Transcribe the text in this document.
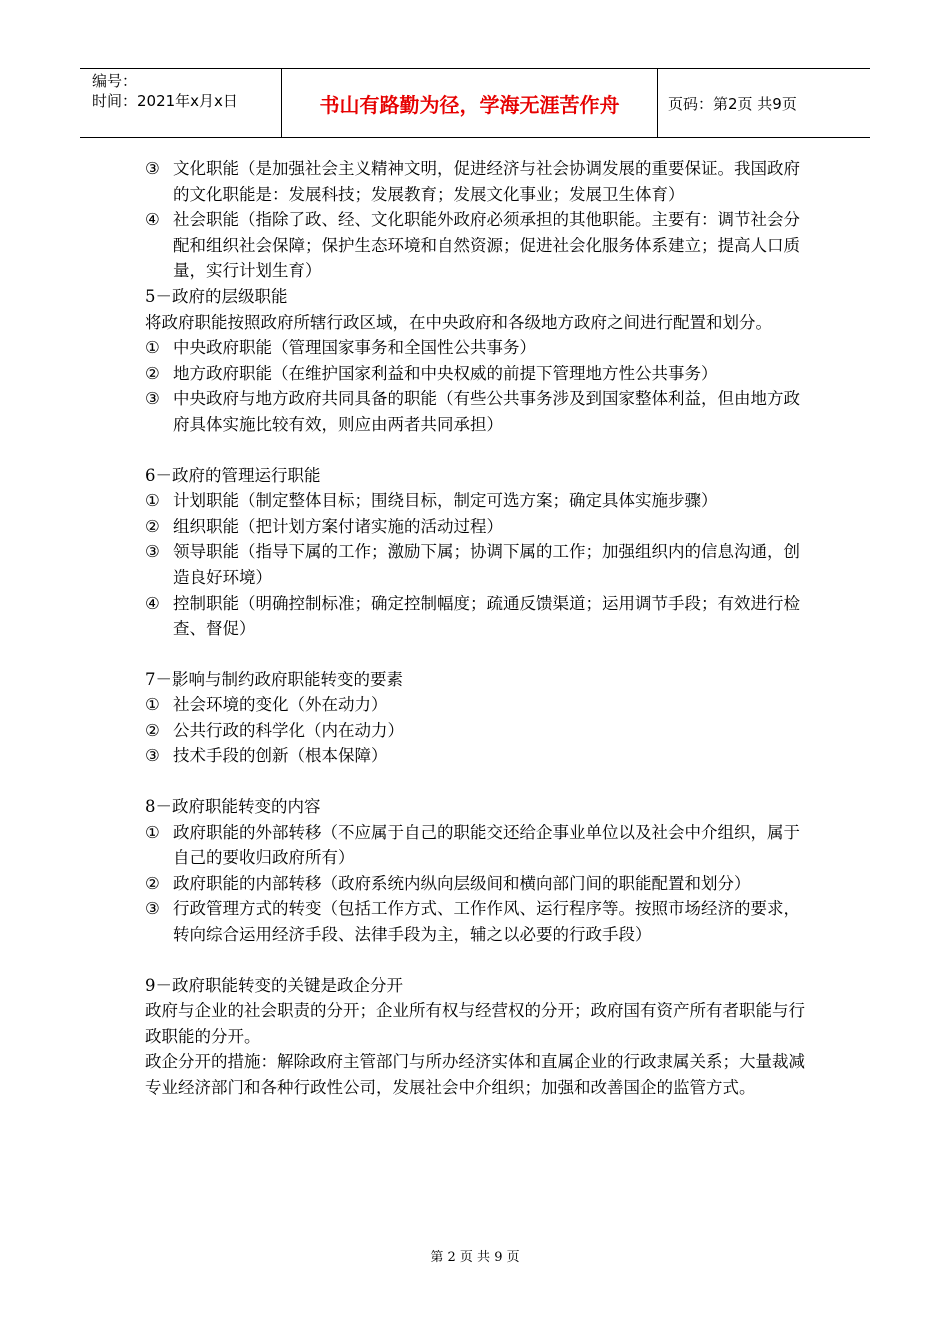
编号：
时间：2021年x月x日	书山有路勤为径，学海无涯苦作舟	页码：第2页 共9页
③ 文化职能（是加强社会主义精神文明，促进经济与社会协调发展的重要保证。我国政府的文化职能是：发展科技；发展教育；发展文化事业；发展卫生体育）
④ 社会职能（指除了政、经、文化职能外政府必须承担的其他职能。主要有：调节社会分配和组织社会保障；保护生态环境和自然资源；促进社会化服务体系建立；提高人口质量，实行计划生育）
5－政府的层级职能
将政府职能按照政府所辖行政区域，在中央政府和各级地方政府之间进行配置和划分。
① 中央政府职能（管理国家事务和全国性公共事务）
② 地方政府职能（在维护国家利益和中央权威的前提下管理地方性公共事务）
③ 中央政府与地方政府共同具备的职能（有些公共事务涉及到国家整体利益，但由地方政府具体实施比较有效，则应由两者共同承担）
6－政府的管理运行职能
① 计划职能（制定整体目标；围绕目标，制定可选方案；确定具体实施步骤）
② 组织职能（把计划方案付诸实施的活动过程）
③ 领导职能（指导下属的工作；激励下属；协调下属的工作；加强组织内的信息沟通，创造良好环境）
④ 控制职能（明确控制标准；确定控制幅度；疏通反馈渠道；运用调节手段；有效进行检查、督促）
7－影响与制约政府职能转变的要素
① 社会环境的变化（外在动力）
② 公共行政的科学化（内在动力）
③ 技术手段的创新（根本保障）
8－政府职能转变的内容
① 政府职能的外部转移（不应属于自己的职能交还给企事业单位以及社会中介组织，属于自己的要收归政府所有）
② 政府职能的内部转移（政府系统内纵向层级间和横向部门间的职能配置和划分）
③ 行政管理方式的转变（包括工作方式、工作作风、运行程序等。按照市场经济的要求，转向综合运用经济手段、法律手段为主，辅之以必要的行政手段）
9－政府职能转变的关键是政企分开
政府与企业的社会职责的分开；企业所有权与经营权的分开；政府国有资产所有者职能与行政职能的分开。
政企分开的措施：解除政府主管部门与所办经济实体和直属企业的行政隶属关系；大量裁减专业经济部门和各种行政性公司，发展社会中介组织；加强和改善国企的监管方式。
第 2 页 共 9 页
